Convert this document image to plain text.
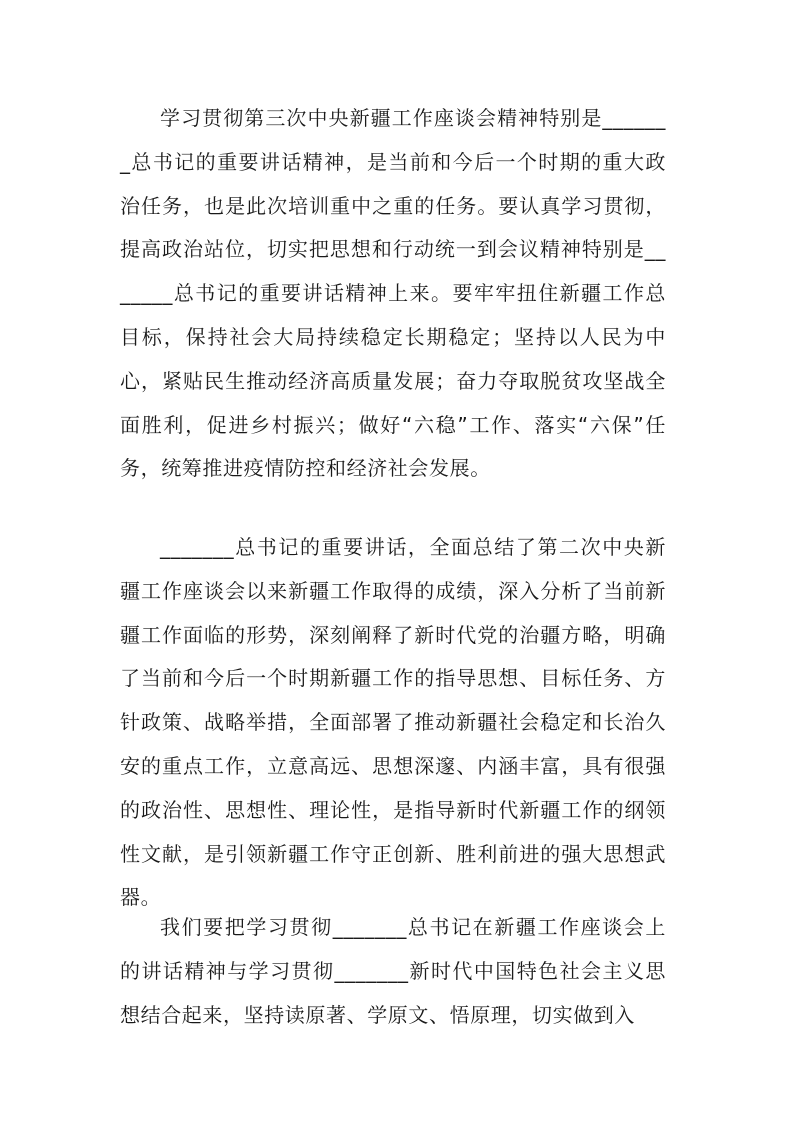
学习贯彻第三次中央新疆工作座谈会精神特别是_______总书记的重要讲话精神，是当前和今后一个时期的重大政治任务，也是此次培训重中之重的任务。要认真学习贯彻，提高政治站位，切实把思想和行动统一到会议精神特别是_______总书记的重要讲话精神上来。要牢牢扭住新疆工作总目标，保持社会大局持续稳定长期稳定；坚持以人民为中心，紧贴民生推动经济高质量发展；奋力夺取脱贫攻坚战全面胜利，促进乡村振兴；做好“六稳”工作、落实“六保”任务，统筹推进疫情防控和经济社会发展。

_______总书记的重要讲话，全面总结了第二次中央新疆工作座谈会以来新疆工作取得的成绩，深入分析了当前新疆工作面临的形势，深刻阐释了新时代党的治疆方略，明确了当前和今后一个时期新疆工作的指导思想、目标任务、方针政策、战略举措，全面部署了推动新疆社会稳定和长治久安的重点工作，立意高远、思想深邃、内涵丰富，具有很强的政治性、思想性、理论性，是指导新时代新疆工作的纲领性文献，是引领新疆工作守正创新、胜利前进的强大思想武器。

我们要把学习贯彻_______总书记在新疆工作座谈会上的讲话精神与学习贯彻_______新时代中国特色社会主义思想结合起来，坚持读原著、学原文、悟原理，切实做到入
